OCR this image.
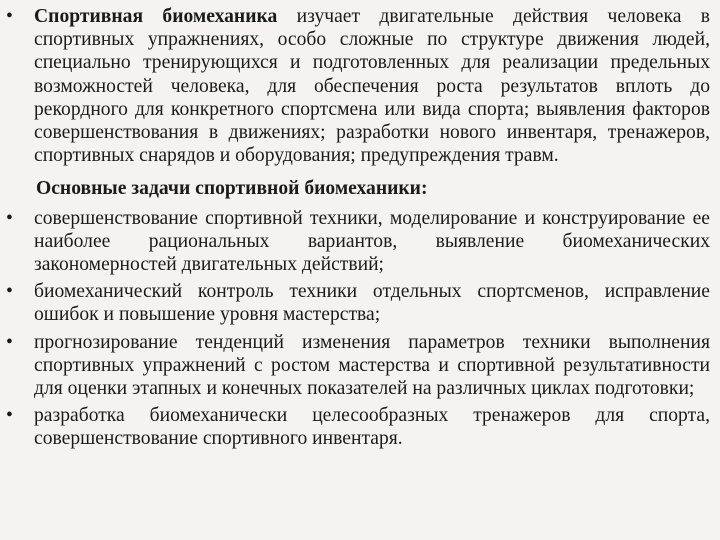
•	Спортивная биомеханика изучает двигательные действия человека в спортивных упражнениях, особо сложные по структуре движения людей, специально тренирующихся и подготовленных для реализации предельных возможностей человека, для обеспечения роста результатов вплоть до рекордного для конкретного спортсмена или вида спорта; выявления факторов совершенствования в движениях; разработки нового инвентаря, тренажеров, спортивных снарядов и оборудования; предупреждения травм.
Основные задачи спортивной биомеханики:
•	совершенствование спортивной техники, моделирование и конструирование ее наиболее рациональных вариантов, выявление биомеханических закономерностей двигательных действий;
•	биомеханический контроль техники отдельных спортсменов, исправление ошибок и повышение уровня мастерства;
•	прогнозирование тенденций изменения параметров техники выполнения спортивных упражнений с ростом мастерства и спортивной результативности для оценки этапных и конечных показателей на различных циклах подготовки;
•	разработка биомеханически целесообразных тренажеров для спорта, совершенствование спортивного инвентаря.
